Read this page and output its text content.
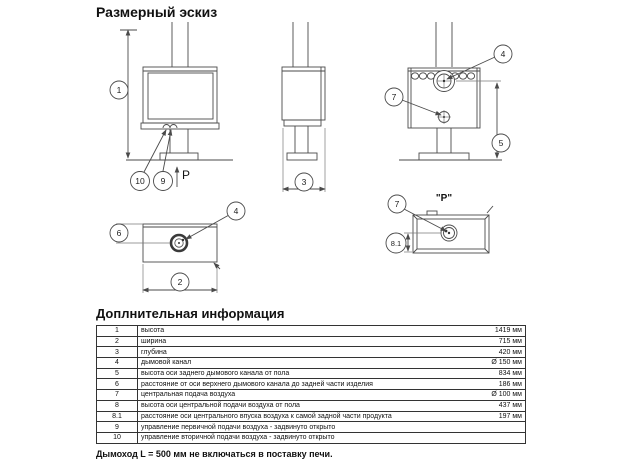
Размерный эскиз
1
10 9 P	3
4
7
5
4
6
2
"Р"
7
8.1
Доплнительная информация
1	высота	1419 мм
2	ширина	715 мм
3	глубина	420 мм
4	дымовой канал	Ø 150 мм
5	высота оси заднего дымового канала от пола	834 мм
6	расстояние от оси верхнего дымового канала до задней части изделия	186 мм
7	центральная подача воздуха	Ø 100 мм
8	высота оси центральной подачи воздуха от пола	437 мм
8.1	расстояние оси центрального впуска воздуха к самой задной части продукта	197 мм
9	управление первичной подачи воздуха - задвинуто открыто	
10	управление вторичной подачи воздуха - задвинуто открыто	
Дымоход L = 500 мм не включаться в поставку печи.
